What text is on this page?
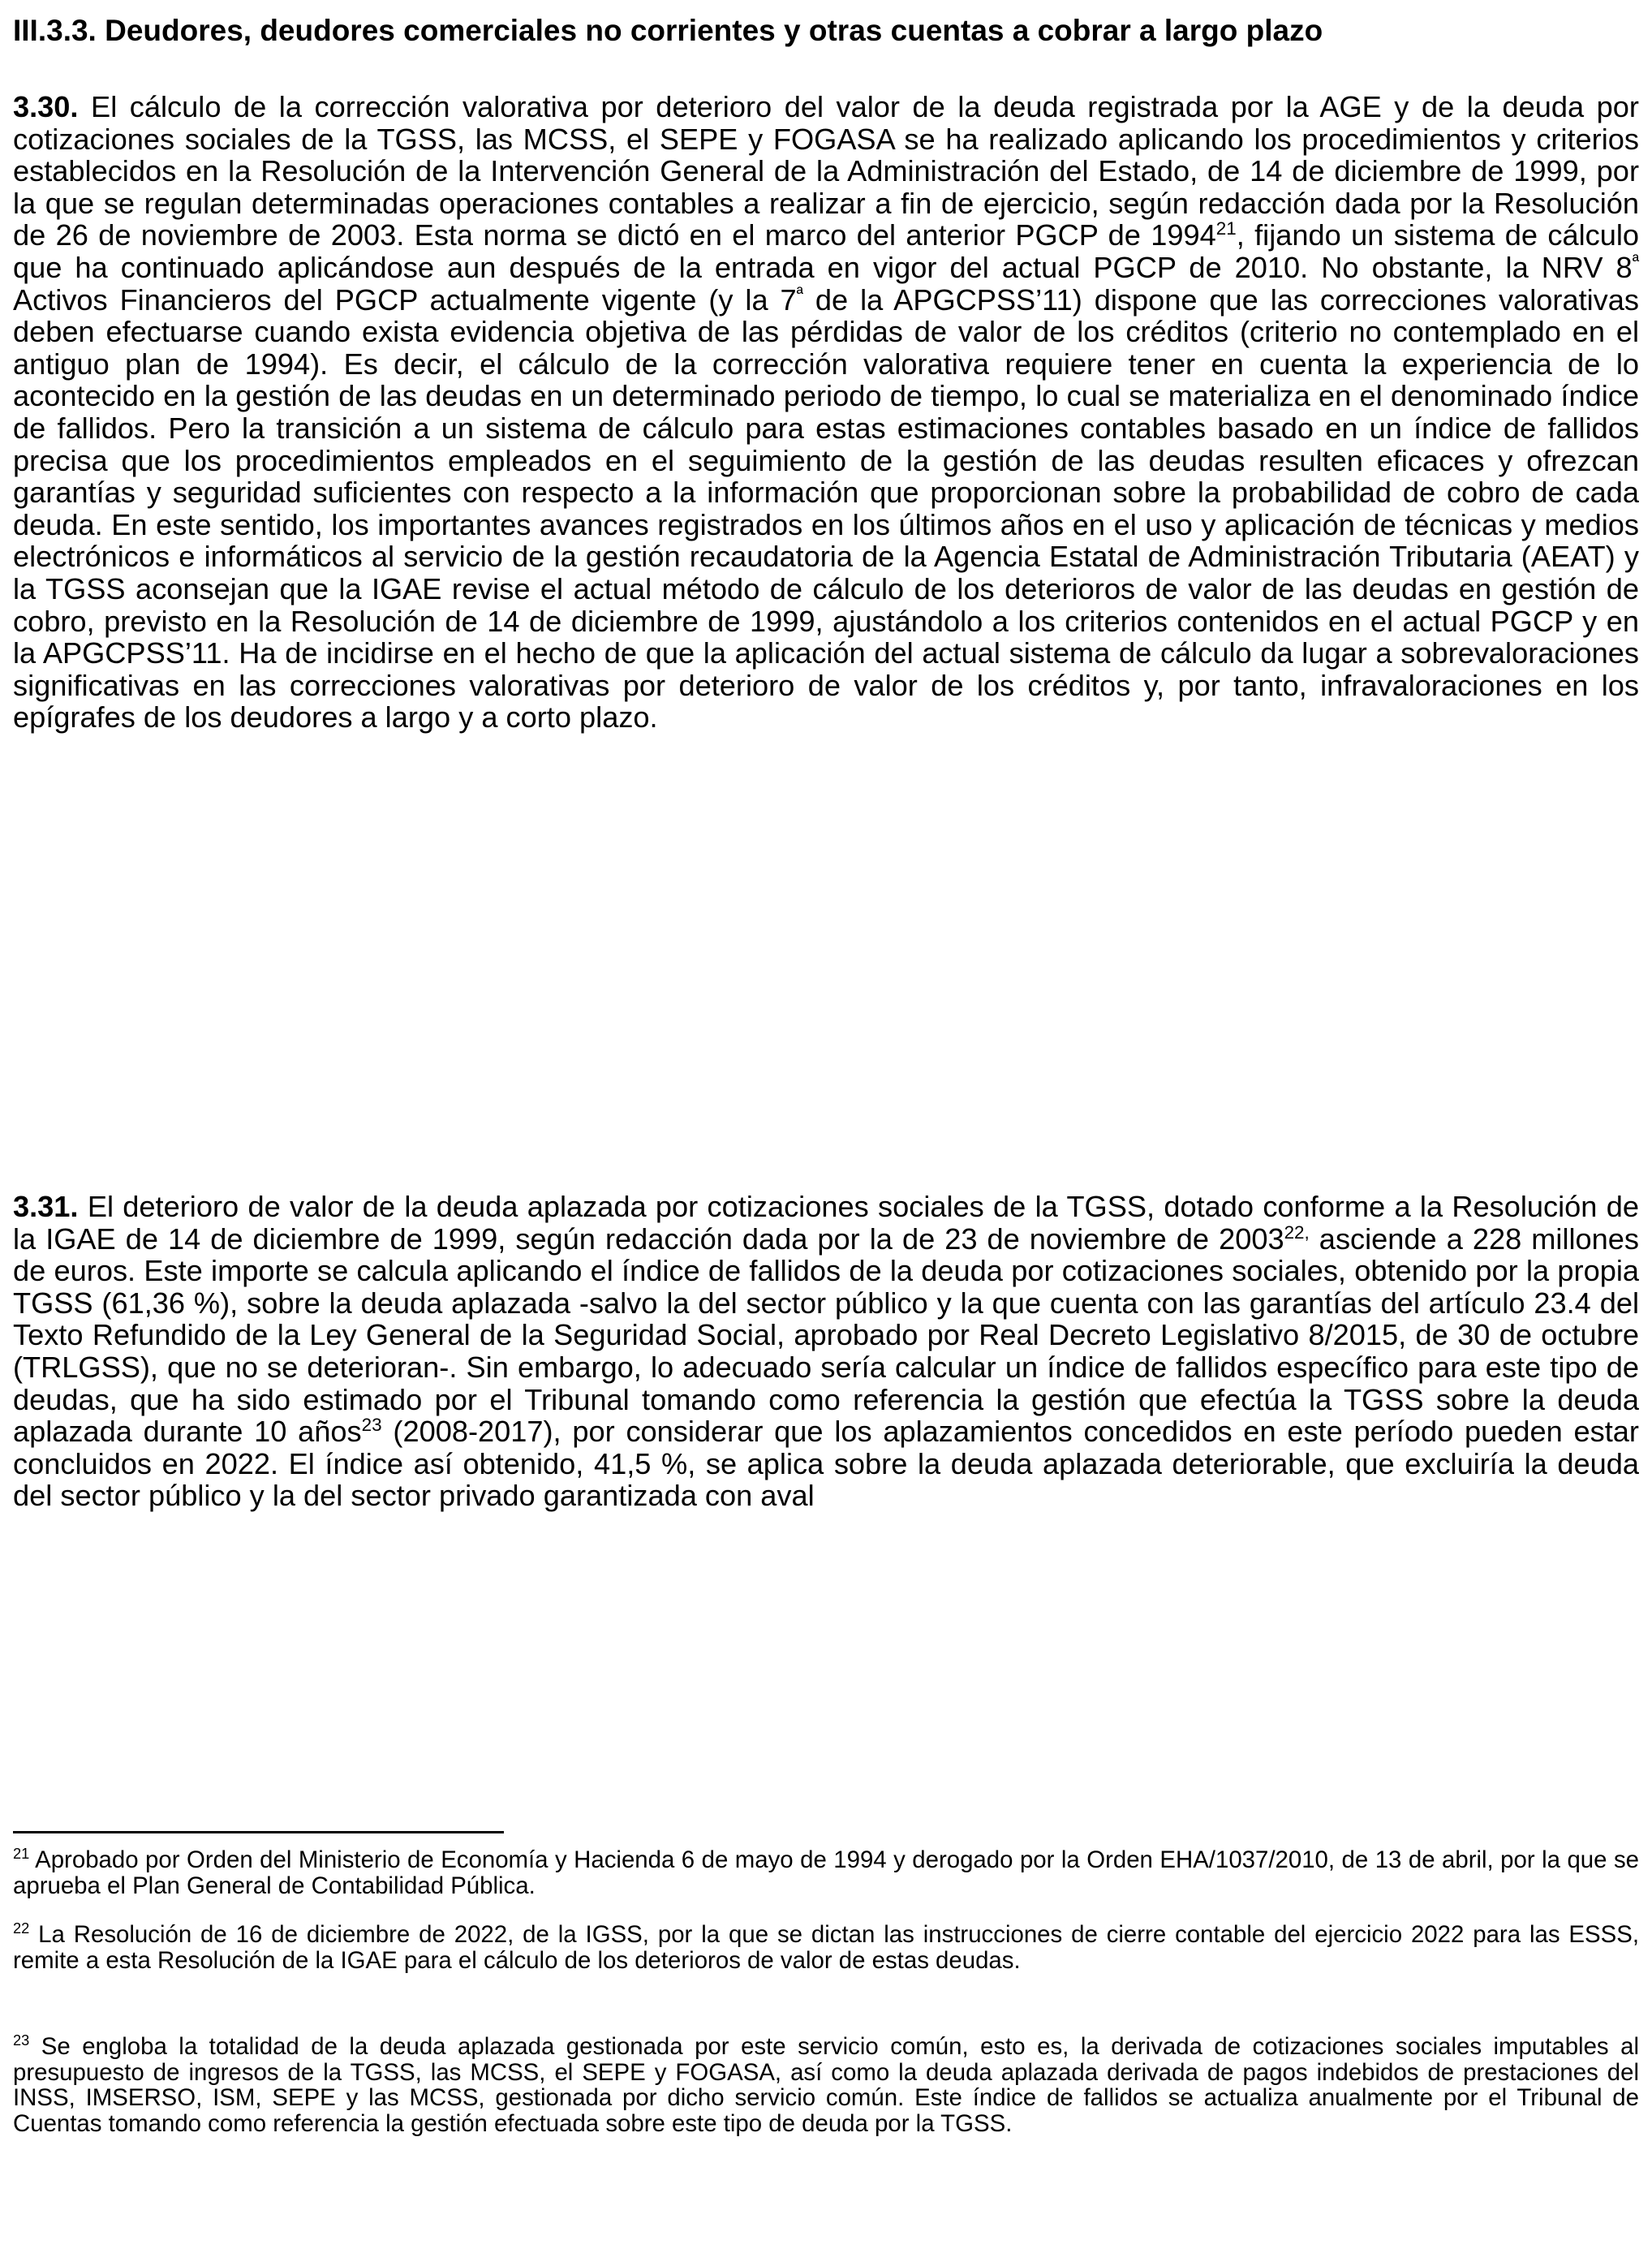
III.3.3. Deudores, deudores comerciales no corrientes y otras cuentas a cobrar a largo plazo

3.30. El cálculo de la corrección valorativa por deterioro del valor de la deuda registrada por la AGE y de la deuda por cotizaciones sociales de la TGSS, las MCSS, el SEPE y FOGASA se ha realizado aplicando los procedimientos y criterios establecidos en la Resolución de la Intervención General de la Administración del Estado, de 14 de diciembre de 1999, por la que se regulan determinadas operaciones contables a realizar a fin de ejercicio, según redacción dada por la Resolución de 26 de noviembre de 2003. Esta norma se dictó en el marco del anterior PGCP de 1994$^{21}$, fijando un sistema de cálculo que ha continuado aplicándose aun después de la entrada en vigor del actual PGCP de 2010. No obstante, la NRV $8^ª$ Activos Financieros del PGCP actualmente vigente (y la $7^ª$ de la APGCPSS’11) dispone que las correcciones valorativas deben efectuarse cuando exista evidencia objetiva de las pérdidas de valor de los créditos (criterio no contemplado en el antiguo plan de 1994). Es decir, el cálculo de la corrección valorativa requiere tener en cuenta la experiencia de lo acontecido en la gestión de las deudas en un determinado periodo de tiempo, lo cual se materializa en el denominado índice de fallidos. Pero la transición a un sistema de cálculo para estas estimaciones contables basado en un índice de fallidos precisa que los procedimientos empleados en el seguimiento de la gestión de las deudas resulten eficaces y ofrezcan garantías y seguridad suficientes con respecto a la información que proporcionan sobre la probabilidad de cobro de cada deuda. En este sentido, los importantes avances registrados en los últimos años en el uso y aplicación de técnicas y medios electrónicos e informáticos al servicio de la gestión recaudatoria de la Agencia Estatal de Administración Tributaria (AEAT) y la TGSS aconsejan que la IGAE revise el actual método de cálculo de los deterioros de valor de las deudas en gestión de cobro, previsto en la Resolución de 14 de diciembre de 1999, ajustándolo a los criterios contenidos en el actual PGCP y en la APGCPSS’11. Ha de incidirse en el hecho de que la aplicación del actual sistema de cálculo da lugar a sobrevaloraciones significativas en las correcciones valorativas por deterioro de valor de los créditos y, por tanto, infravaloraciones en los epígrafes de los deudores a largo y a corto plazo.

3.31. El deterioro de valor de la deuda aplazada por cotizaciones sociales de la TGSS, dotado conforme a la Resolución de la IGAE de 14 de diciembre de 1999, según redacción dada por la de 23 de noviembre de $2003^{22,}$ asciende a 228 millones de euros. Este importe se calcula aplicando el índice de fallidos de la deuda por cotizaciones sociales, obtenido por la propia TGSS (61,36 %), sobre la deuda aplazada -salvo la del sector público y la que cuenta con las garantías del artículo 23.4 del Texto Refundido de la Ley General de la Seguridad Social, aprobado por Real Decreto Legislativo 8/2015, de 30 de octubre (TRLGSS), que no se deterioran-. Sin embargo, lo adecuado sería calcular un índice de fallidos específico para este tipo de deudas, que ha sido estimado por el Tribunal tomando como referencia la gestión que efectúa la TGSS sobre la deuda aplazada durante 10 años$^{23}$ (2008-2017), por considerar que los aplazamientos concedidos en este período pueden estar concluidos en 2022. El índice así obtenido, 41,5 %, se aplica sobre la deuda aplazada deteriorable, que excluiría la deuda del sector público y la del sector privado garantizada con aval

$^{21}$ Aprobado por Orden del Ministerio de Economía y Hacienda 6 de mayo de 1994 y derogado por la Orden EHA/1037/2010, de 13 de abril, por la que se aprueba el Plan General de Contabilidad Pública.

$^{22}$ La Resolución de 16 de diciembre de 2022, de la IGSS, por la que se dictan las instrucciones de cierre contable del ejercicio 2022 para las ESSS, remite a esta Resolución de la IGAE para el cálculo de los deterioros de valor de estas deudas.

$^{23}$ Se engloba la totalidad de la deuda aplazada gestionada por este servicio común, esto es, la derivada de cotizaciones sociales imputables al presupuesto de ingresos de la TGSS, las MCSS, el SEPE y FOGASA, así como la deuda aplazada derivada de pagos indebidos de prestaciones del INSS, IMSERSO, ISM, SEPE y las MCSS, gestionada por dicho servicio común. Este índice de fallidos se actualiza anualmente por el Tribunal de Cuentas tomando como referencia la gestión efectuada sobre este tipo de deuda por la TGSS.
